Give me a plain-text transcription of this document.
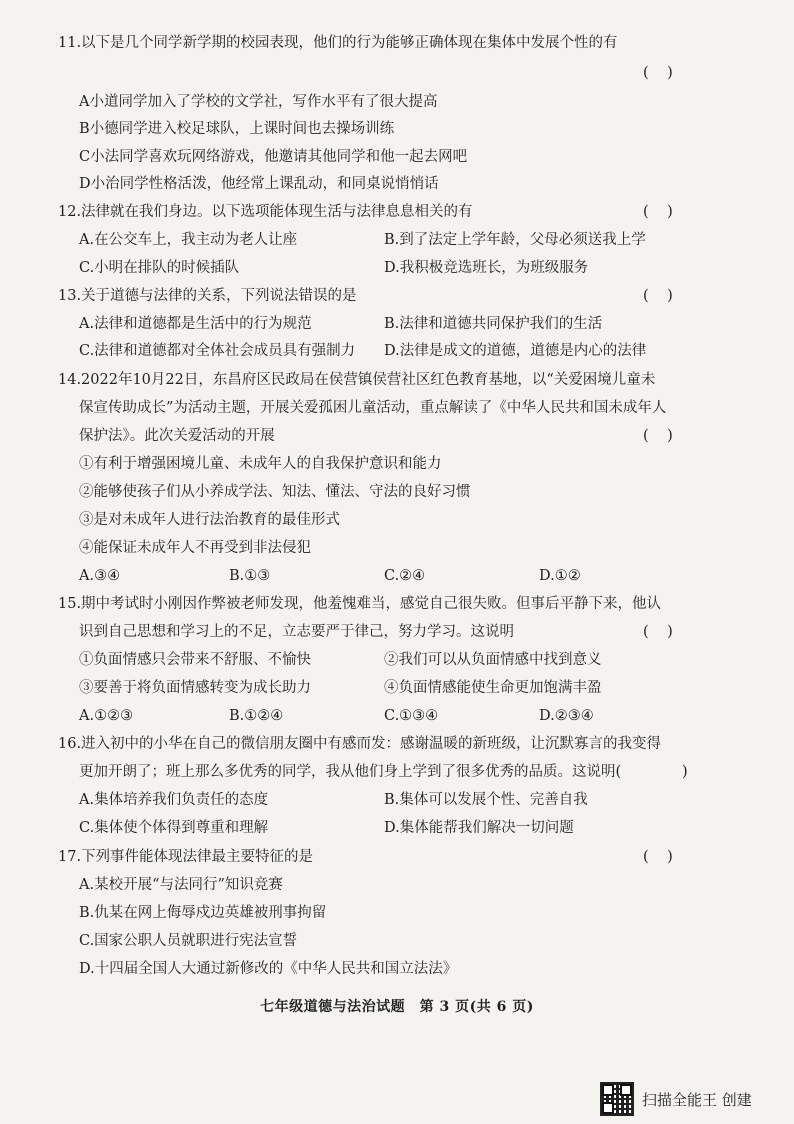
11.以下是几个同学新学期的校园表现，他们的行为能够正确体现在集体中发展个性的有
(    )
A小道同学加入了学校的文学社，写作水平有了很大提高
B小德同学进入校足球队，上课时间也去操场训练
C小法同学喜欢玩网络游戏，他邀请其他同学和他一起去网吧
D小治同学性格活泼，他经常上课乱动，和同桌说悄悄话
12.法律就在我们身边。以下选项能体现生活与法律息息相关的有	(    )
A.在公交车上，我主动为老人让座	B.到了法定上学年龄，父母必须送我上学
C.小明在排队的时候插队	D.我积极竞选班长，为班级服务
13.关于道德与法律的关系，下列说法错误的是	(    )
A.法律和道德都是生活中的行为规范	B.法律和道德共同保护我们的生活
C.法律和道德都对全体社会成员具有强制力 D.法律是成文的道德，道德是内心的法律
14.2022年10月22日，东昌府区民政局在侯营镇侯营社区红色教育基地，以“关爱困境儿童未
保宣传助成长”为活动主题，开展关爱孤困儿童活动，重点解读了《中华人民共和国未成年人
保护法》。此次关爱活动的开展	(    )
①有利于增强困境儿童、未成年人的自我保护意识和能力
②能够使孩子们从小养成学法、知法、懂法、守法的良好习惯
③是对未成年人进行法治教育的最佳形式
④能保证未成年人不再受到非法侵犯
A.③④	B.①③	C.②④	D.①②
15.期中考试时小刚因作弊被老师发现，他羞愧难当，感觉自己很失败。但事后平静下来，他认
识到自己思想和学习上的不足，立志要严于律己，努力学习。这说明	(    )
①负面情感只会带来不舒服、不愉快	②我们可以从负面情感中找到意义
③要善于将负面情感转变为成长助力	④负面情感能使生命更加饱满丰盈
A.①②③	B.①②④	C.①③④	D.②③④
16.进入初中的小华在自己的微信朋友圈中有感而发：感谢温暖的新班级，让沉默寡言的我变得
更加开朗了；班上那么多优秀的同学，我从他们身上学到了很多优秀的品质。这说明(	)
A.集体培养我们负责任的态度	B.集体可以发展个性、完善自我
C.集体使个体得到尊重和理解	D.集体能帮我们解决一切问题
17.下列事件能体现法律最主要特征的是	(    )
A.某校开展“与法同行”知识竞赛
B.仇某在网上侮辱戍边英雄被刑事拘留
C.国家公职人员就职进行宪法宣誓
D.十四届全国人大通过新修改的《中华人民共和国立法法》
七年级道德与法治试题　第 3 页(共 6 页)
扫描全能王 创建
